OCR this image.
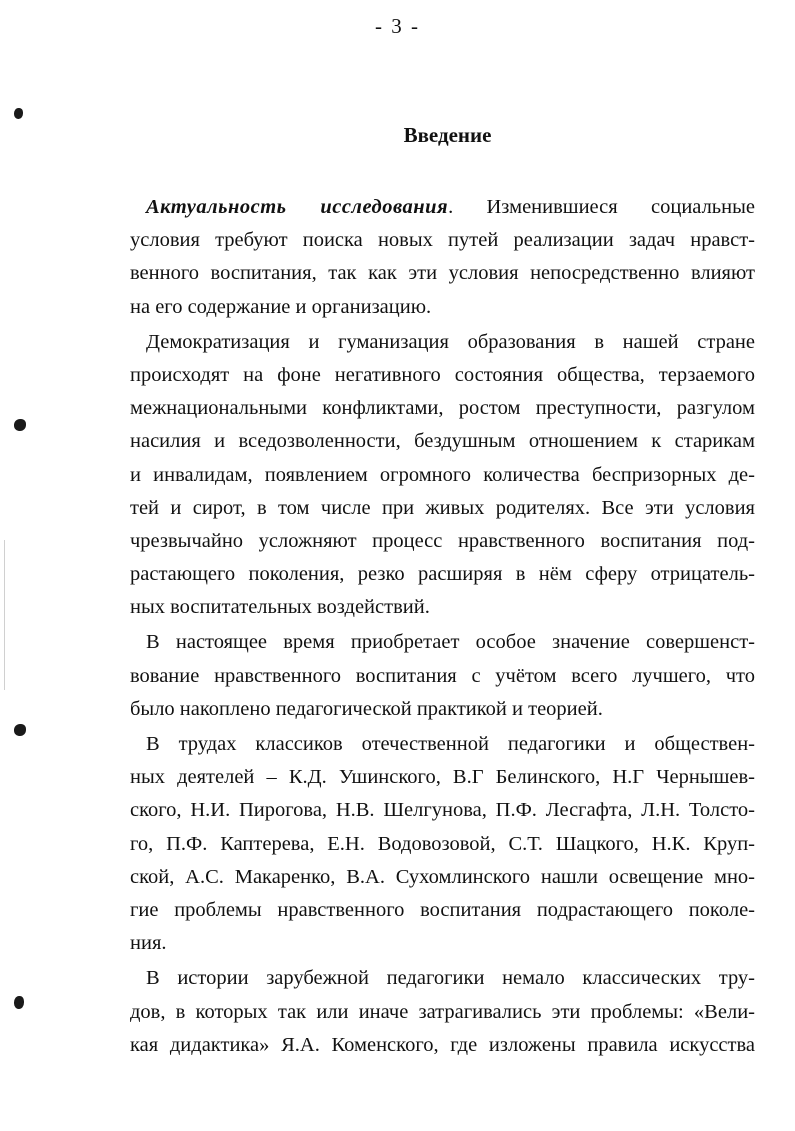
- 3 -
Введение
Актуальность исследования. Изменившиеся социальные
условия требуют поиска новых путей реализации задач нравст-
венного воспитания, так как эти условия непосредственно влияют
на его содержание и организацию.
Демократизация и гуманизация образования в нашей стране
происходят на фоне негативного состояния общества, терзаемого
межнациональными конфликтами, ростом преступности, разгулом
насилия и вседозволенности, бездушным отношением к старикам
и инвалидам, появлением огромного количества беспризорных де-
тей и сирот, в том числе при живых родителях. Все эти условия
чрезвычайно усложняют процесс нравственного воспитания под-
растающего поколения, резко расширяя в нём сферу отрицатель-
ных воспитательных воздействий.
В настоящее время приобретает особое значение совершенст-
вование нравственного воспитания с учётом всего лучшего, что
было накоплено педагогической практикой и теорией.
В трудах классиков отечественной педагогики и обществен-
ных деятелей – К.Д. Ушинского, В.Г Белинского, Н.Г Чернышев-
ского, Н.И. Пирогова, Н.В. Шелгунова, П.Ф. Лесгафта, Л.Н. Толсто-
го, П.Ф. Каптерева, Е.Н. Водовозовой, С.Т. Шацкого, Н.К. Круп-
ской, А.С. Макаренко, В.А. Сухомлинского нашли освещение мно-
гие проблемы нравственного воспитания подрастающего поколе-
ния.
В истории зарубежной педагогики немало классических тру-
дов, в которых так или иначе затрагивались эти проблемы: «Вели-
кая дидактика» Я.А. Коменского, где изложены правила искусства
